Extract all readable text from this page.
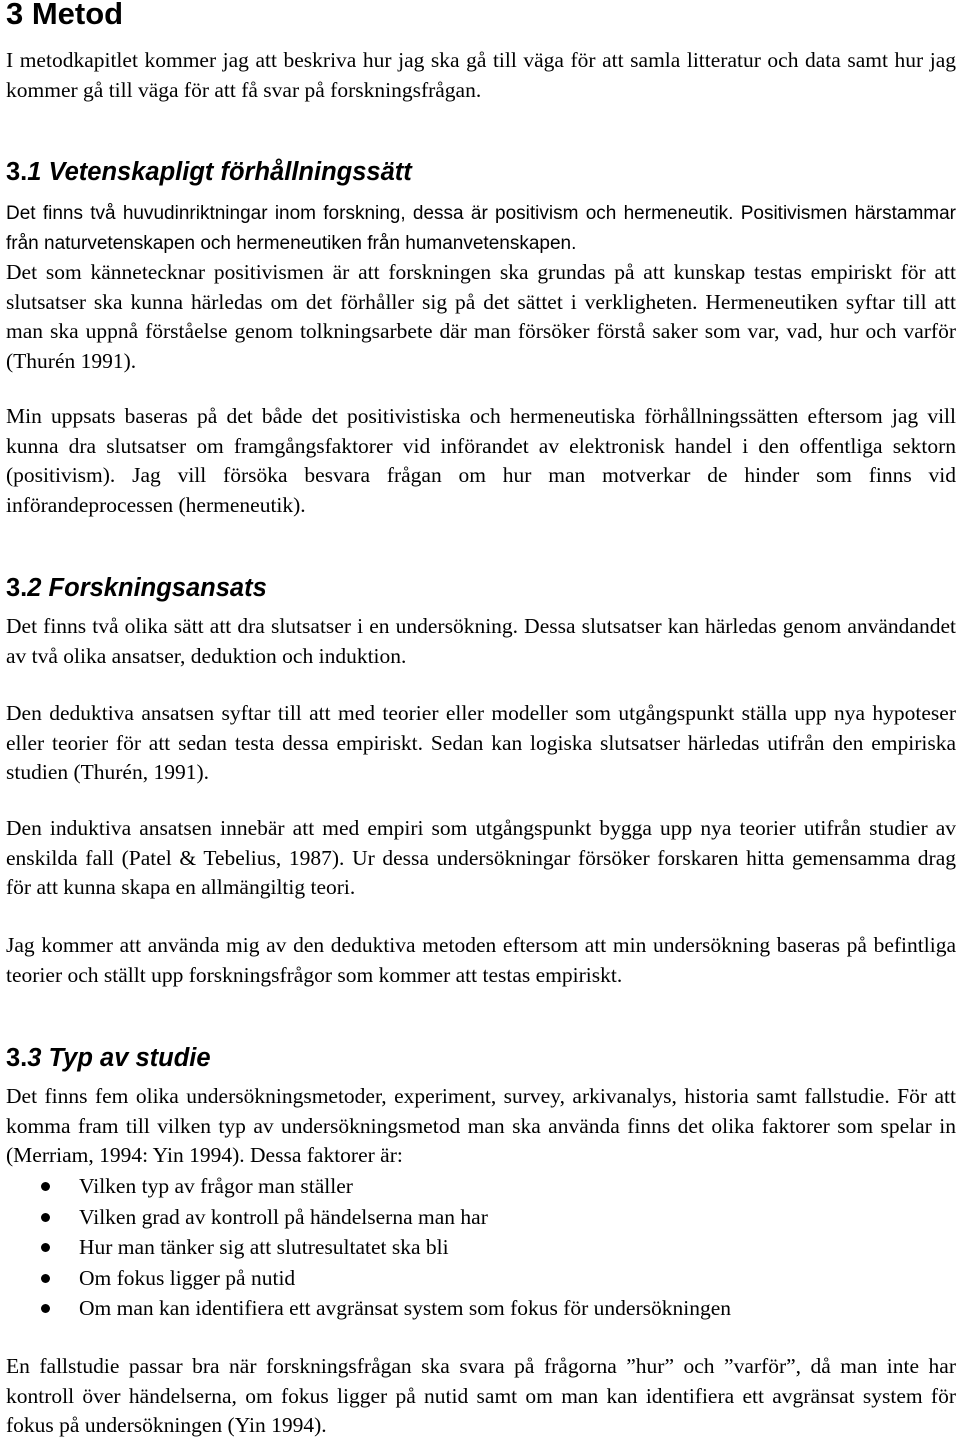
3 Metod

I metodkapitlet kommer jag att beskriva hur jag ska gå till väga för att samla litteratur och data samt hur jag kommer gå till väga för att få svar på forskningsfrågan.

3.1 Vetenskapligt förhållningssätt

Det finns två huvudinriktningar inom forskning, dessa är positivism och hermeneutik. Positivismen härstammar från naturvetenskapen och hermeneutiken från humanvetenskapen.

Det som kännetecknar positivismen är att forskningen ska grundas på att kunskap testas empiriskt för att slutsatser ska kunna härledas om det förhåller sig på det sättet i verkligheten. Hermeneutiken syftar till att man ska uppnå förståelse genom tolkningsarbete där man försöker förstå saker som var, vad, hur och varför (Thurén 1991).

Min uppsats baseras på det både det positivistiska och hermeneutiska förhållningssätten eftersom jag vill kunna dra slutsatser om framgångsfaktorer vid införandet av elektronisk handel i den offentliga sektorn (positivism). Jag vill försöka besvara frågan om hur man motverkar de hinder som finns vid införandeprocessen (hermeneutik).

3.2 Forskningsansats

Det finns två olika sätt att dra slutsatser i en undersökning. Dessa slutsatser kan härledas genom användandet av två olika ansatser, deduktion och induktion.

Den deduktiva ansatsen syftar till att med teorier eller modeller som utgångspunkt ställa upp nya hypoteser eller teorier för att sedan testa dessa empiriskt. Sedan kan logiska slutsatser härledas utifrån den empiriska studien (Thurén, 1991).

Den induktiva ansatsen innebär att med empiri som utgångspunkt bygga upp nya teorier utifrån studier av enskilda fall (Patel & Tebelius, 1987). Ur dessa undersökningar försöker forskaren hitta gemensamma drag för att kunna skapa en allmängiltig teori.

Jag kommer att använda mig av den deduktiva metoden eftersom att min undersökning baseras på befintliga teorier och ställt upp forskningsfrågor som kommer att testas empiriskt.

3.3 Typ av studie

Det finns fem olika undersökningsmetoder, experiment, survey, arkivanalys, historia samt fallstudie. För att komma fram till vilken typ av undersökningsmetod man ska använda finns det olika faktorer som spelar in (Merriam, 1994: Yin 1994). Dessa faktorer är:

Vilken typ av frågor man ställer
Vilken grad av kontroll på händelserna man har
Hur man tänker sig att slutresultatet ska bli
Om fokus ligger på nutid
Om man kan identifiera ett avgränsat system som fokus för undersökningen

En fallstudie passar bra när forskningsfrågan ska svara på frågorna ”hur” och ”varför”, då man inte har kontroll över händelserna, om fokus ligger på nutid samt om man kan identifiera ett avgränsat system för fokus på undersökningen (Yin 1994).
